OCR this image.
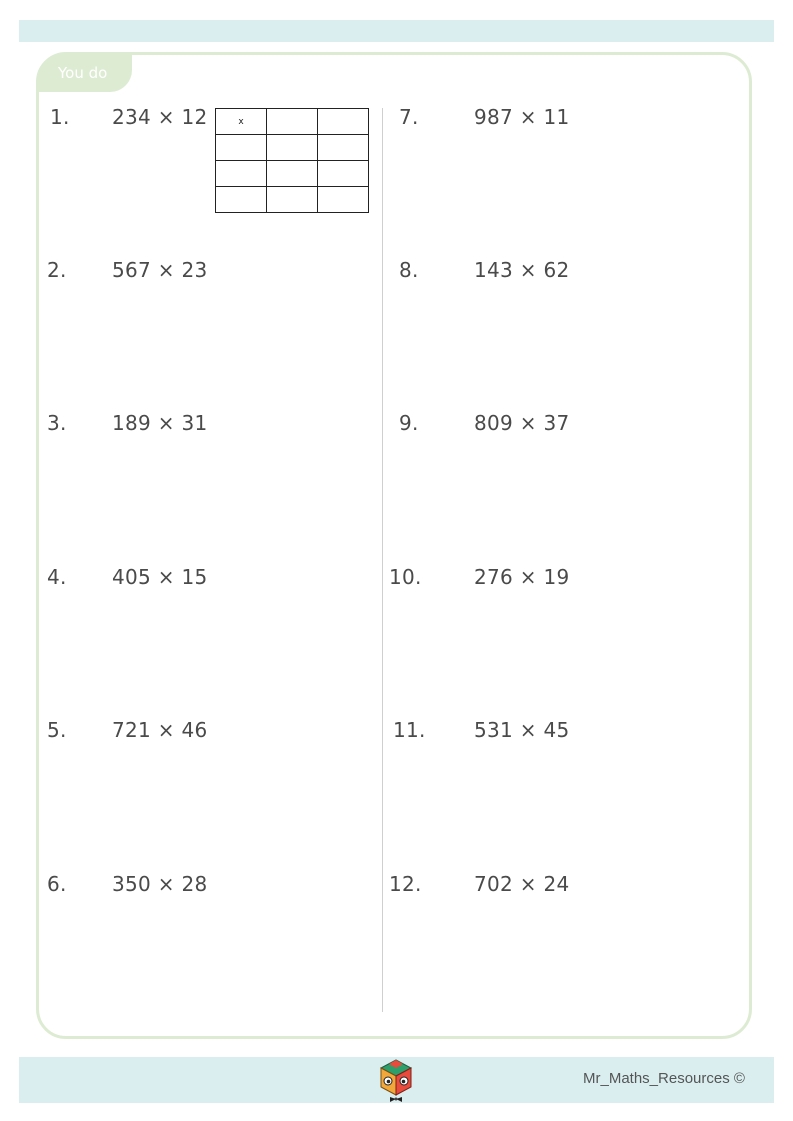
You do
1. 234 × 12	x		

2. 567 × 23
3. 189 × 31
4. 405 × 15
5. 721 × 46
6. 350 × 28
7.	987 × 11
8.	143 × 62
9.	809 × 37
10.	276 × 19
11. 531 × 45
12.	702 × 24
Mr_Maths_Resources ©
